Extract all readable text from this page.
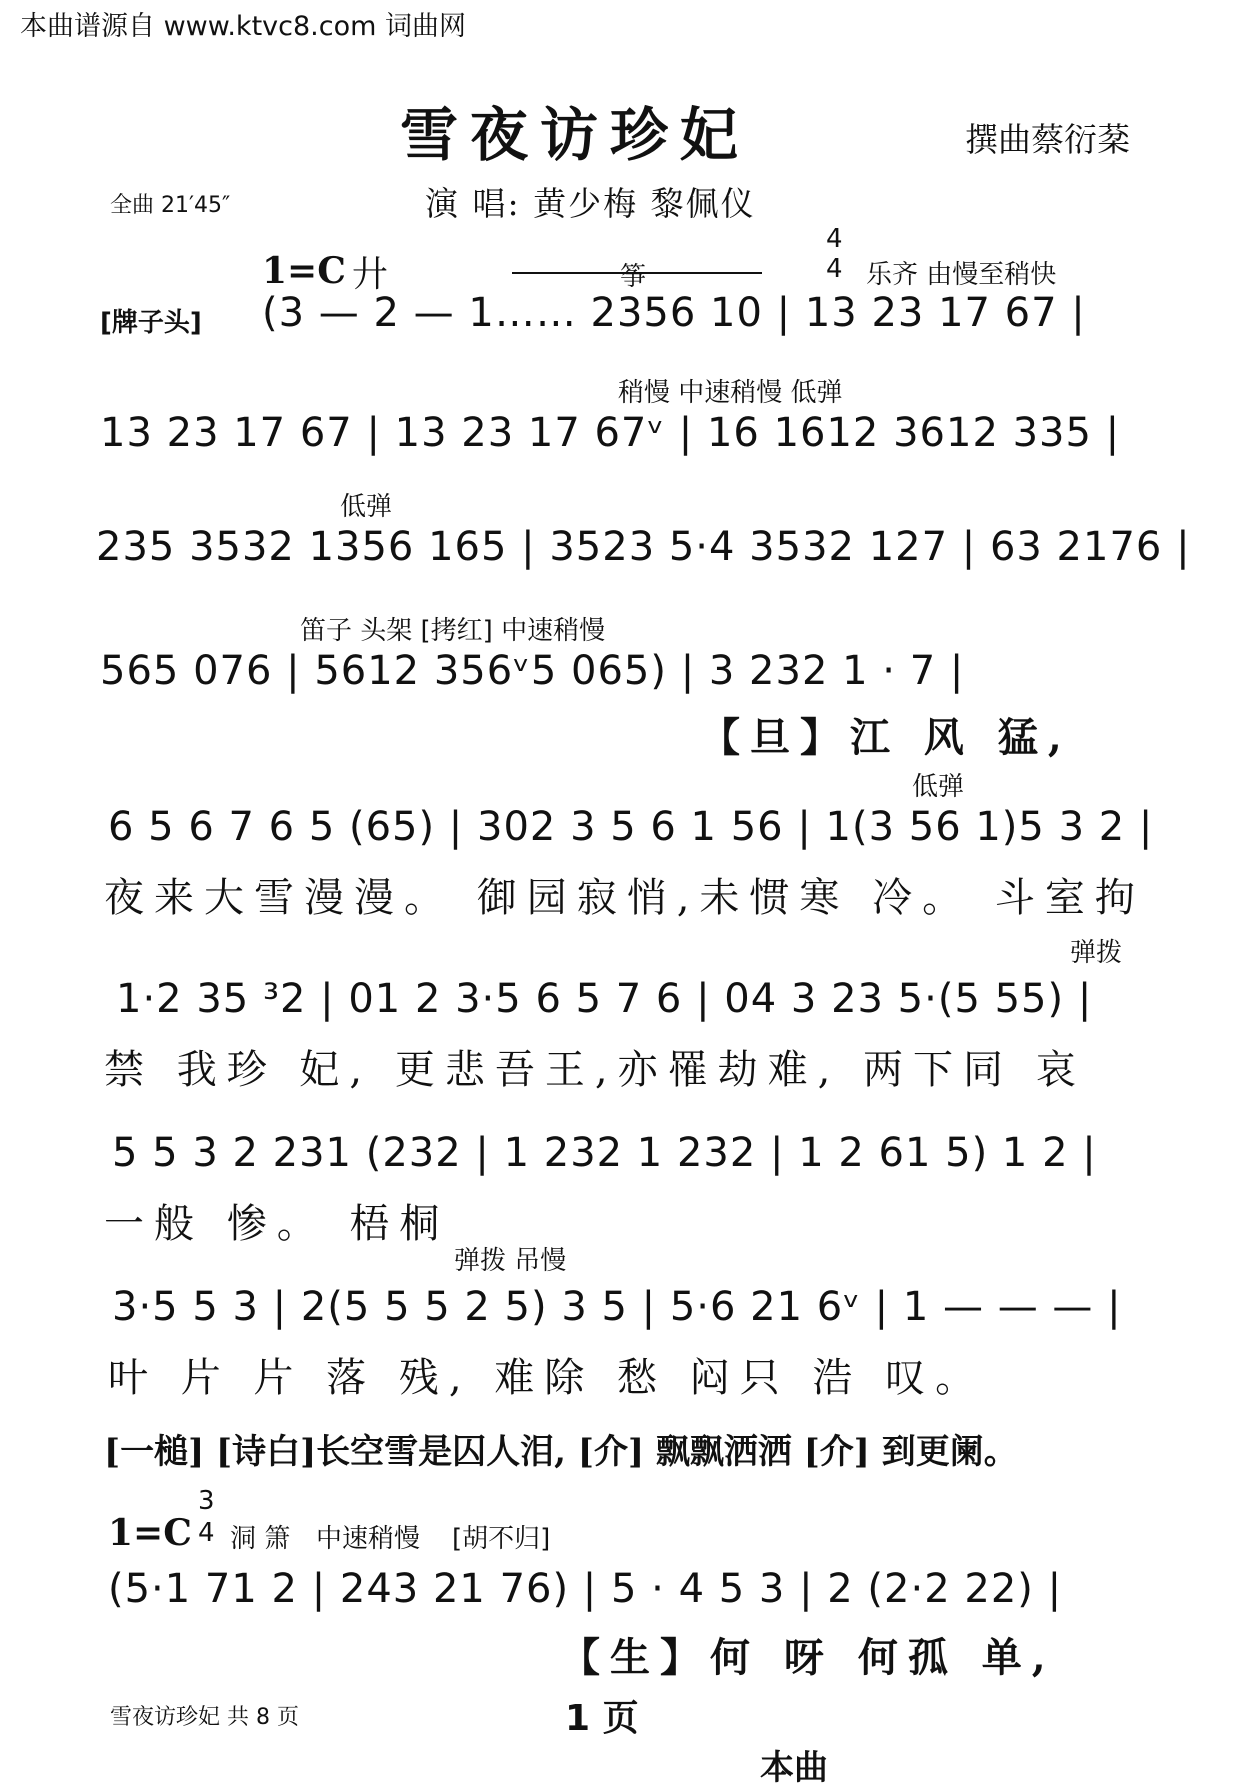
本曲谱源自 www.ktvc8.com 词曲网
雪夜访珍妃	撰曲蔡衍棻
全曲 21′45″	演 唱: 黄少梅 黎佩仪
1=C 廾	筝
4
4 乐齐 由慢至稍快
[牌子头] (3 — 2 — 1…… 2356 10 | 13 23 17 67 |
稍慢 中速稍慢 低弹
13 23 17 67 | 13 23 17 67ᵛ | 16 1612 3612 335 |
低弹
235 3532 1356 165 | 3523 5·4 3532 127 | 63 2176 |
笛子 头架 [拷红] 中速稍慢
565 076 | 5612 356ᵛ5 065) | 3 232 1 · 7 |
【旦】江 风 猛,
低弹
6 5 6 7 6 5 (65) | 302 3 5 6 1 56 | 1(3 56 1)5 3 2 |
夜来大雪漫漫。 御园寂悄,未惯寒 冷。 斗室拘
弹拨
1·2 35 ³2 | 01 2 3·5 6 5 7 6 | 04 3 23 5·(5 55) |
禁 我珍 妃, 更悲吾王,亦罹劫难, 两下同 哀
5 5 3 2 231 (232 | 1 232 1 232 | 1 2 61 5) 1 2 |
一般 惨。 梧桐
弹拨 吊慢
3·5 5 3 | 2(5 5 5 2 5) 3 5 | 5·6 21 6ᵛ | 1 — — — |
叶 片 片 落 残, 难除 愁 闷只 浩 叹。
[一槌] [诗白]长空雪是囚人泪, [介] 飘飘洒洒 [介] 到更阑。
1=C
3
4 洞 箫 中速稍慢 [胡不归]
(5·1 71 2 | 243 21 76) | 5 · 4 5 3 | 2 (2·2 22) |
【生】何 呀 何孤 单,
雪夜访珍妃 共 8 页	1 页
本曲
